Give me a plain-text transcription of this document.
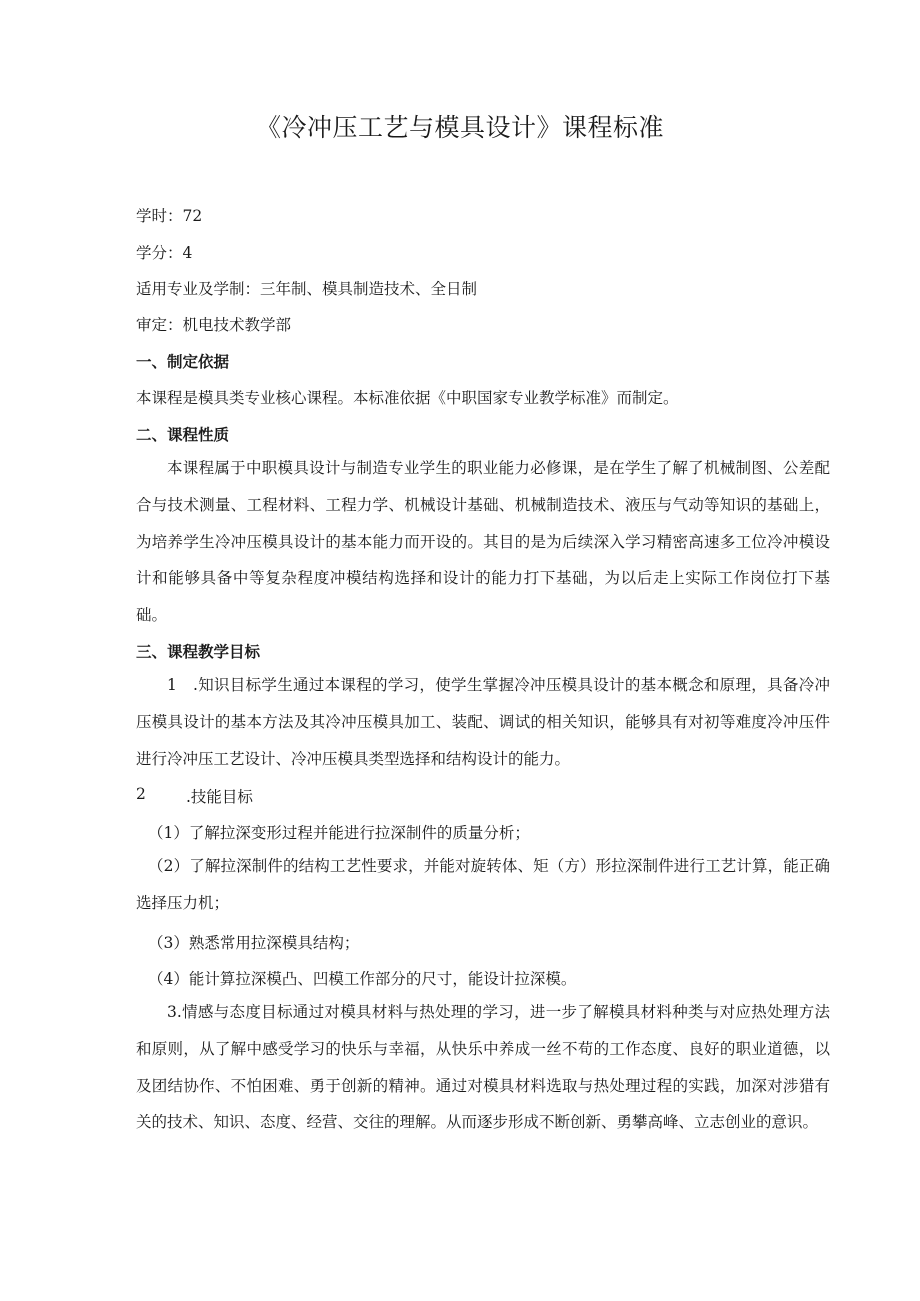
《冷冲压工艺与模具设计》课程标准
学时：72
学分：4
适用专业及学制：三年制、模具制造技术、全日制
审定：机电技术教学部
一、制定依据
本课程是模具类专业核心课程。本标准依据《中职国家专业教学标准》而制定。
二、课程性质
本课程属于中职模具设计与制造专业学生的职业能力必修课，是在学生了解了机械制图、公差配合与技术测量、工程材料、工程力学、机械设计基础、机械制造技术、液压与气动等知识的基础上，为培养学生冷冲压模具设计的基本能力而开设的。其目的是为后续深入学习精密高速多工位冷冲模设计和能够具备中等复杂程度冲模结构选择和设计的能力打下基础，为以后走上实际工作岗位打下基础。
三、课程教学目标
1　.知识目标学生通过本课程的学习，使学生掌握冷冲压模具设计的基本概念和原理，具备冷冲压模具设计的基本方法及其冷冲压模具加工、装配、调试的相关知识，能够具有对初等难度冷冲压件进行冷冲压工艺设计、冷冲压模具类型选择和结构设计的能力。
2	.技能目标
（1）了解拉深变形过程并能进行拉深制件的质量分析；
（2）了解拉深制件的结构工艺性要求，并能对旋转体、矩（方）形拉深制件进行工艺计算，能正确选择压力机；
（3）熟悉常用拉深模具结构；
（4）能计算拉深模凸、凹模工作部分的尺寸，能设计拉深模。
3.情感与态度目标通过对模具材料与热处理的学习，进一步了解模具材料种类与对应热处理方法和原则，从了解中感受学习的快乐与幸福，从快乐中养成一丝不苟的工作态度、良好的职业道德，以及团结协作、不怕困难、勇于创新的精神。通过对模具材料选取与热处理过程的实践，加深对涉猎有关的技术、知识、态度、经营、交往的理解。从而逐步形成不断创新、勇攀高峰、立志创业的意识。
